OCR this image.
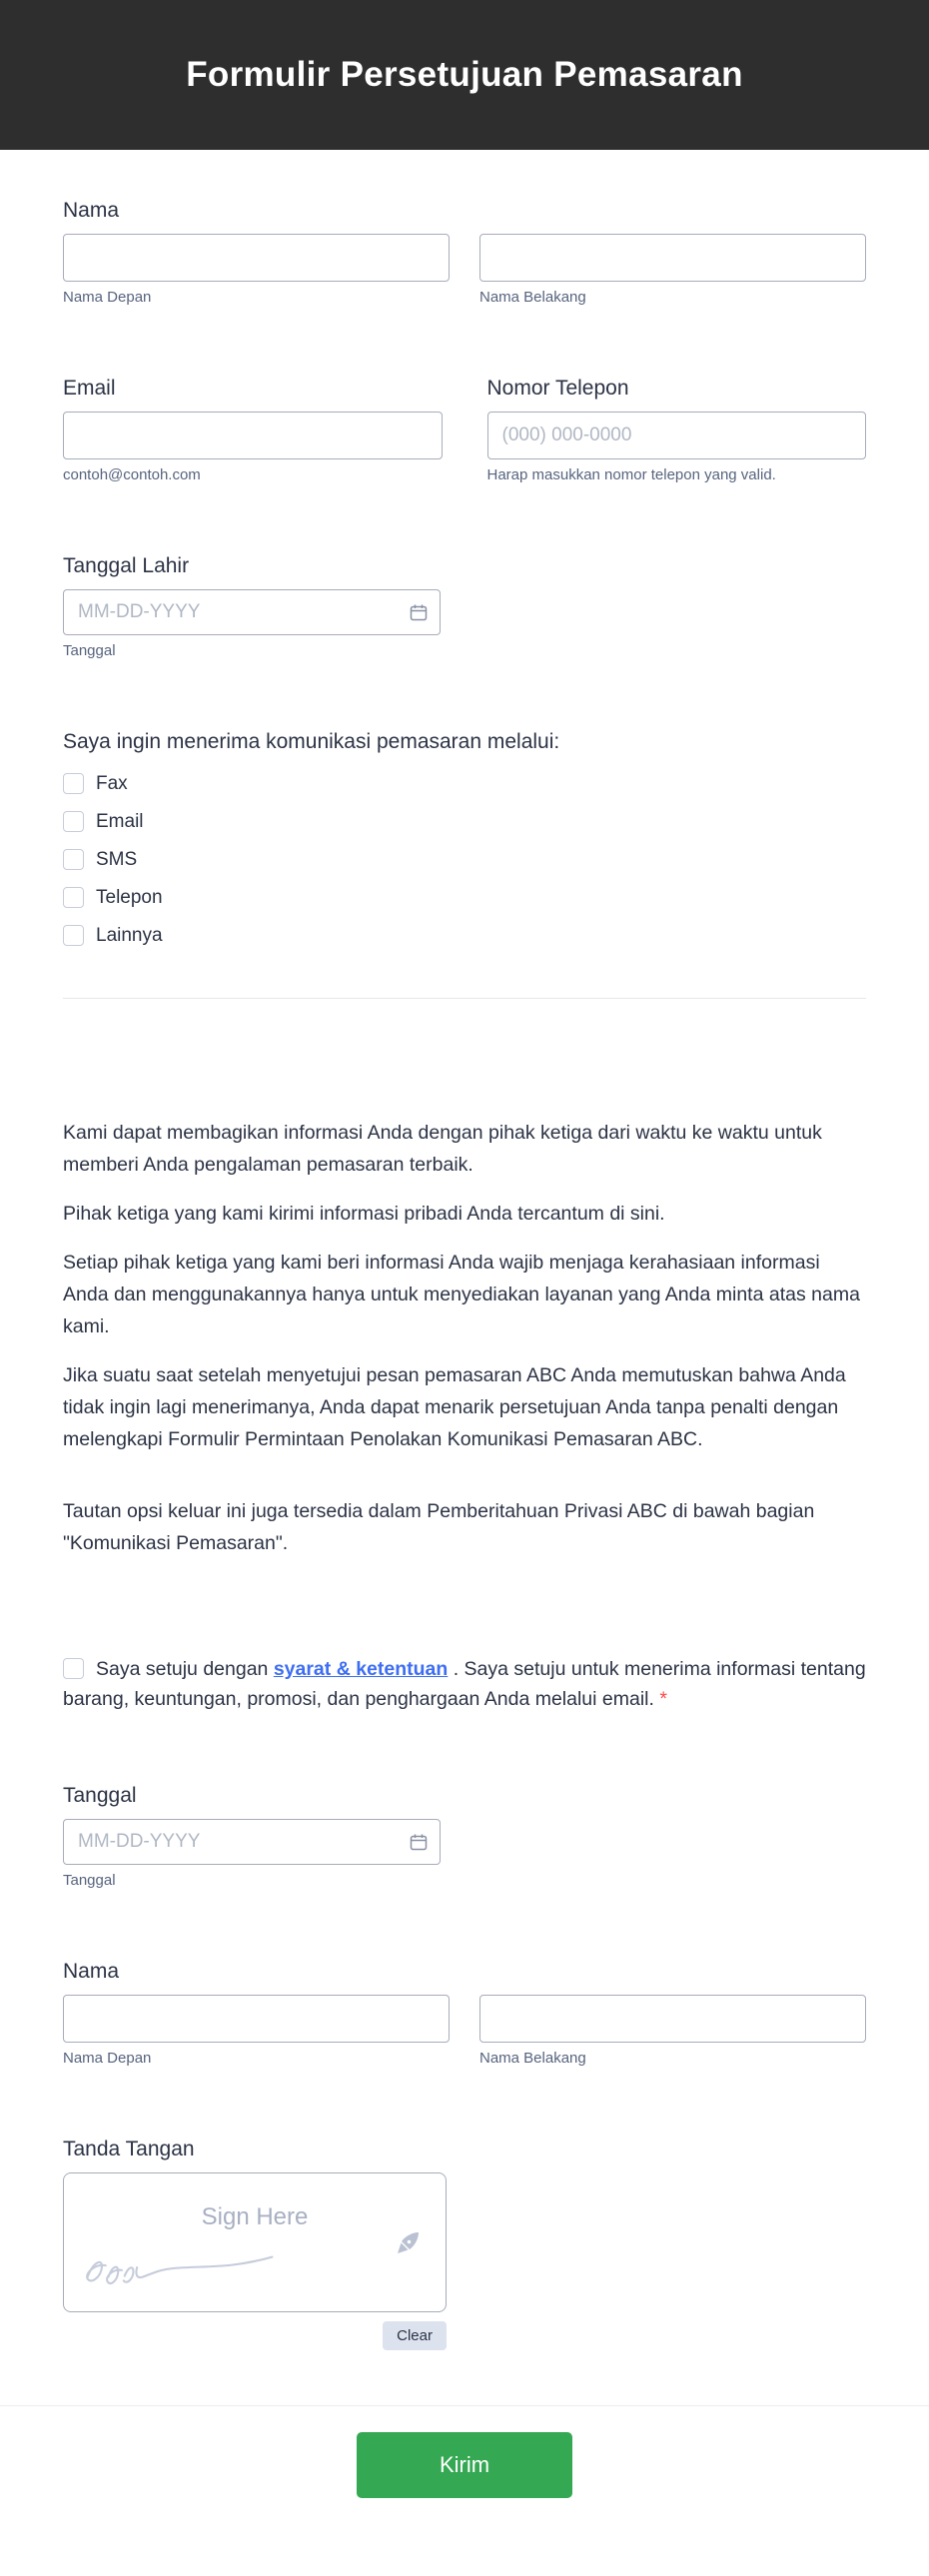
Formulir Persetujuan Pemasaran
Nama
Nama Depan	Nama Belakang
Email
contoh@contoh.com
Nomor Telepon
(000) 000-0000
Harap masukkan nomor telepon yang valid.
Tanggal Lahir
MM-DD-YYYY
Tanggal
Saya ingin menerima komunikasi pemasaran melalui:
Fax
Email
SMS
Telepon
Lainnya

Kami dapat membagikan informasi Anda dengan pihak ketiga dari waktu ke waktu untuk memberi Anda pengalaman pemasaran terbaik.

Pihak ketiga yang kami kirimi informasi pribadi Anda tercantum di sini.

Setiap pihak ketiga yang kami beri informasi Anda wajib menjaga kerahasiaan informasi Anda dan menggunakannya hanya untuk menyediakan layanan yang Anda minta atas nama kami.

Jika suatu saat setelah menyetujui pesan pemasaran ABC Anda memutuskan bahwa Anda tidak ingin lagi menerimanya, Anda dapat menarik persetujuan Anda tanpa penalti dengan melengkapi Formulir Permintaan Penolakan Komunikasi Pemasaran ABC.

Tautan opsi keluar ini juga tersedia dalam Pemberitahuan Privasi ABC di bawah bagian "Komunikasi Pemasaran".

Saya setuju dengan syarat & ketentuan . Saya setuju untuk menerima informasi tentang barang, keuntungan, promosi, dan penghargaan Anda melalui email. *
Tanggal
MM-DD-YYYY
Tanggal
Nama
Nama Depan	Nama Belakang
Tanda Tangan
Sign Here
Clear
Kirim
